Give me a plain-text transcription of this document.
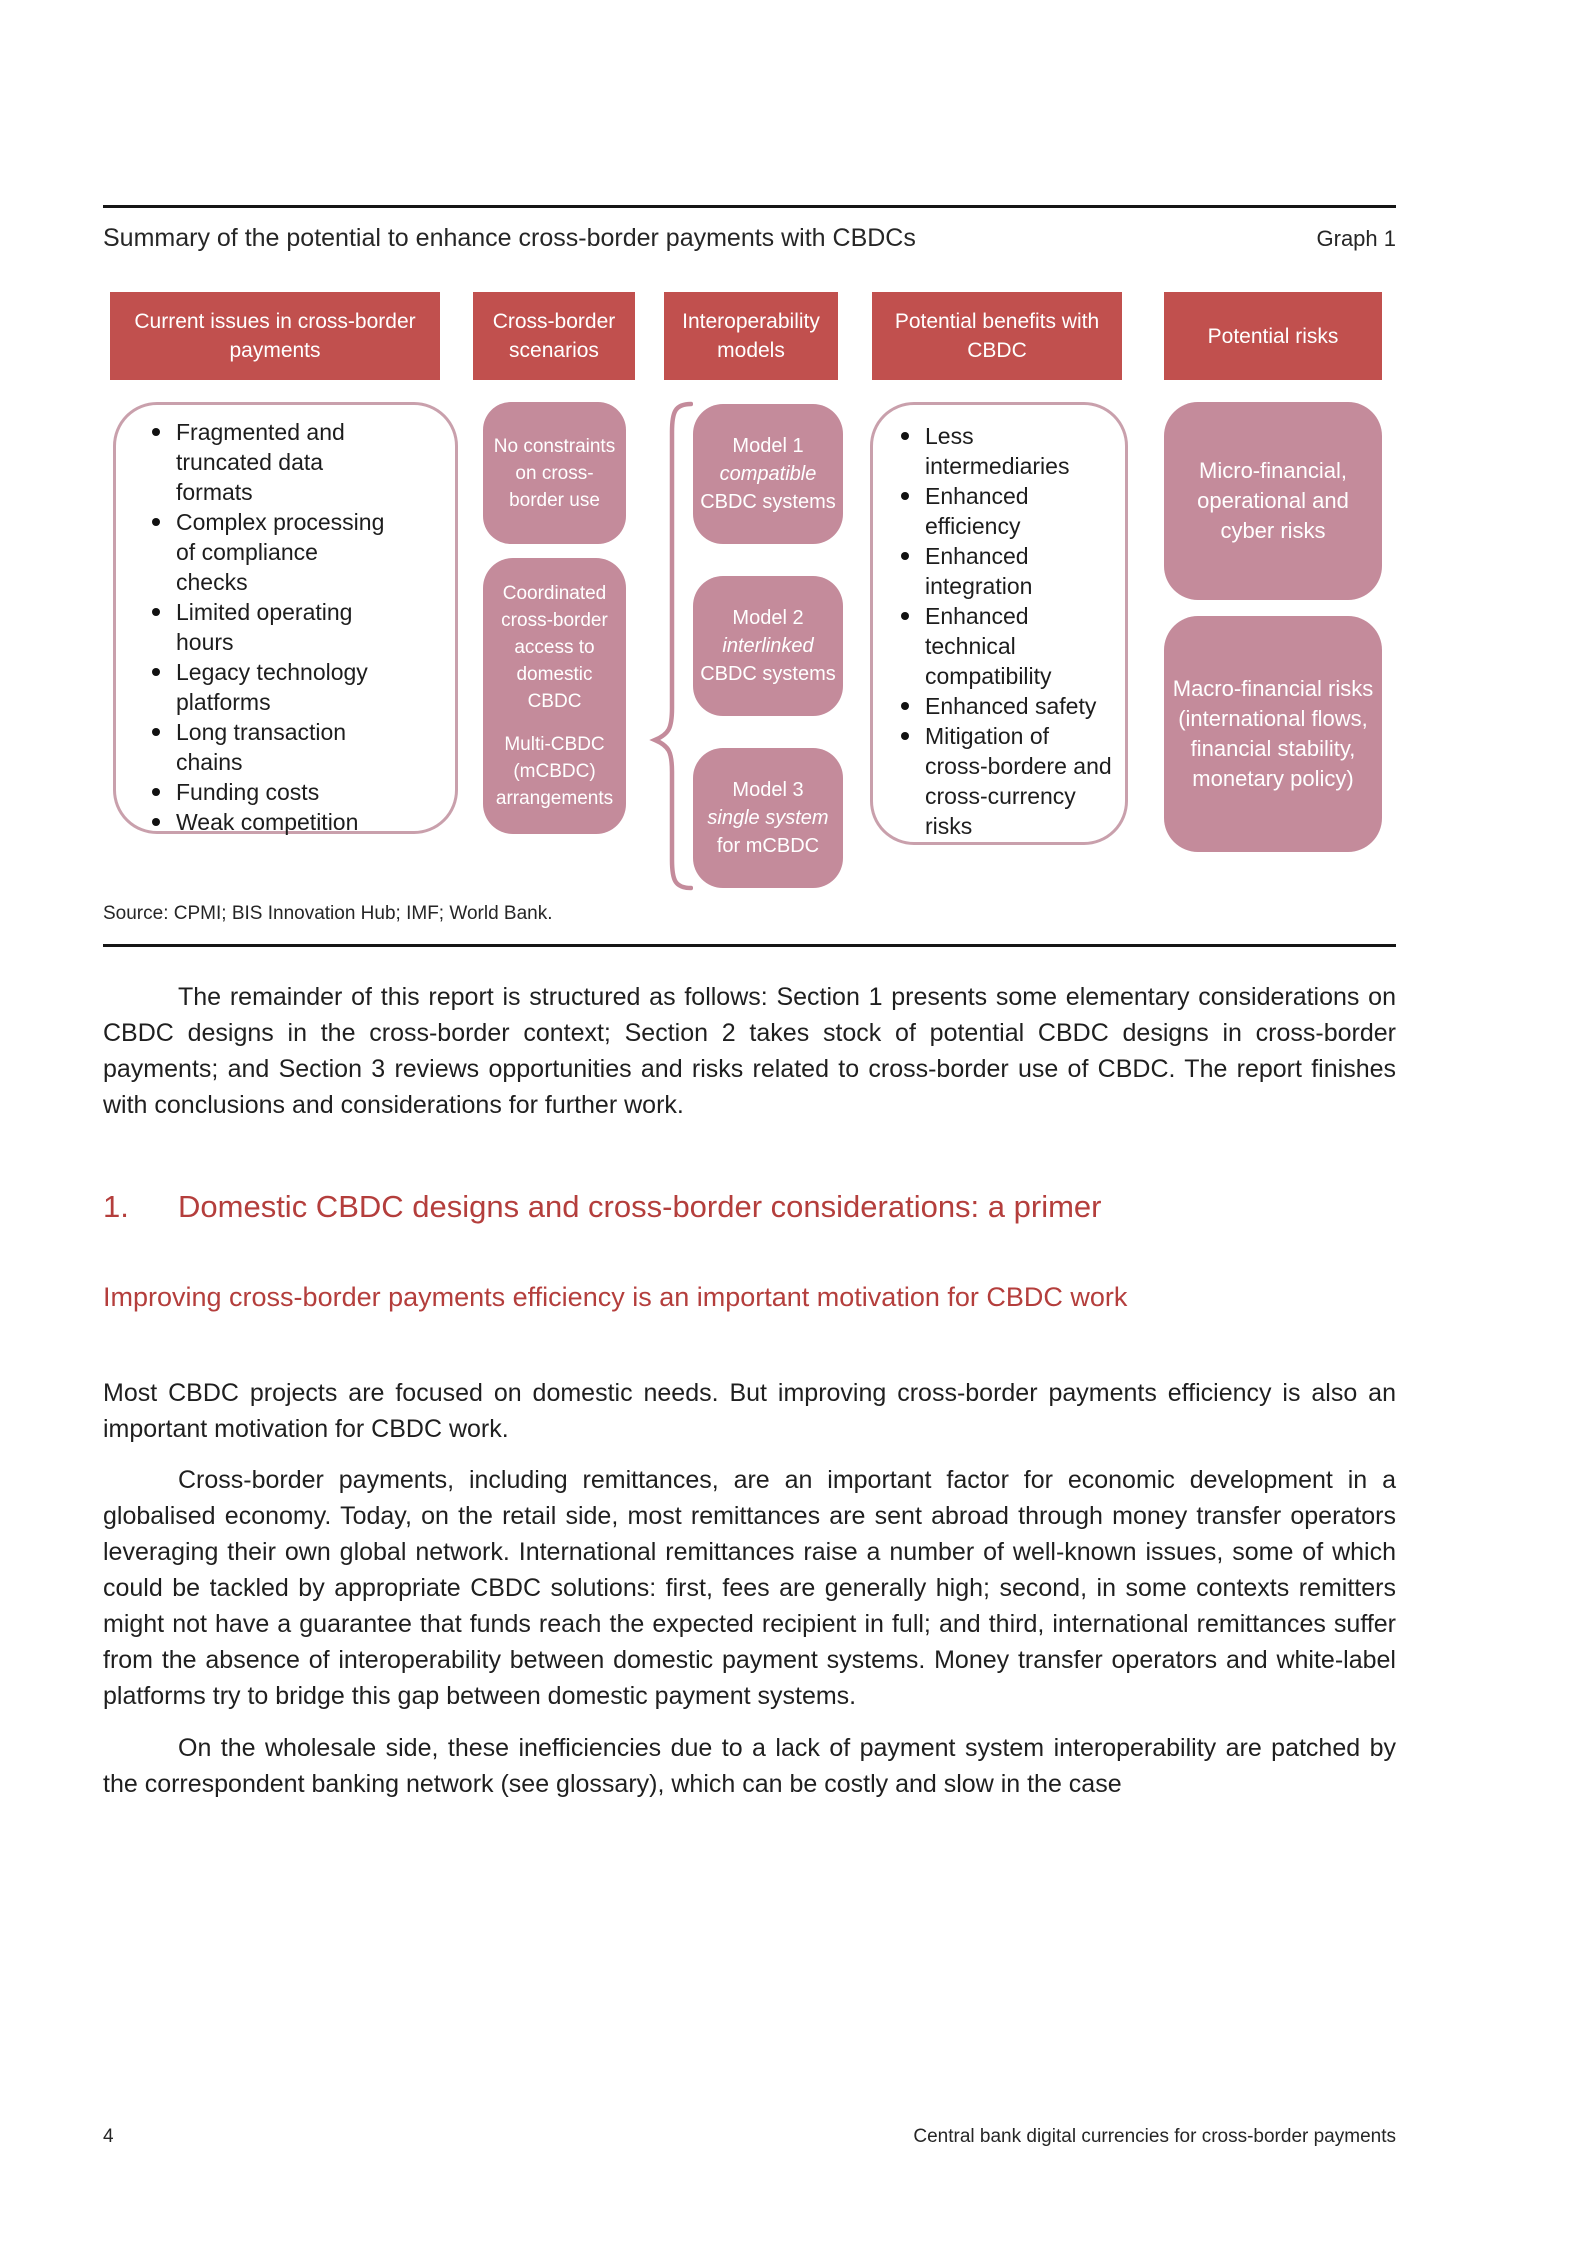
Summary of the potential to enhance cross-border payments with CBDCs	Graph 1
Current issues in cross-border payments
Cross-border scenarios
Interoperability models
Potential benefits with CBDC
Potential risks
Fragmented and truncated data formats
Complex processing of compliance checks
Limited operating hours
Legacy technology platforms
Long transaction chains
Funding costs
Weak competition
No constraints on cross-border use
Coordinated cross-border access to domestic CBDC
Multi-CBDC (mCBDC) arrangements
Model 1
compatible
CBDC systems
Model 2
interlinked
CBDC systems
Model 3
single system
for mCBDC
Less intermediaries
Enhanced efficiency
Enhanced integration
Enhanced technical compatibility
Enhanced safety
Mitigation of cross-bordere and cross-currency risks
Micro-financial, operational and cyber risks
Macro-financial risks (international flows, financial stability, monetary policy)
Source: CPMI; BIS Innovation Hub; IMF; World Bank.

The remainder of this report is structured as follows: Section 1 presents some elementary considerations on CBDC designs in the cross-border context; Section 2 takes stock of potential CBDC designs in cross-border payments; and Section 3 reviews opportunities and risks related to cross-border use of CBDC. The report finishes with conclusions and considerations for further work.

1.	Domestic CBDC designs and cross-border considerations: a primer
Improving cross-border payments efficiency is an important motivation for CBDC work

Most CBDC projects are focused on domestic needs. But improving cross-border payments efficiency is also an important motivation for CBDC work.

Cross-border payments, including remittances, are an important factor for economic development in a globalised economy. Today, on the retail side, most remittances are sent abroad through money transfer operators leveraging their own global network. International remittances raise a number of well-known issues, some of which could be tackled by appropriate CBDC solutions: first, fees are generally high; second, in some contexts remitters might not have a guarantee that funds reach the expected recipient in full; and third, international remittances suffer from the absence of interoperability between domestic payment systems. Money transfer operators and white-label platforms try to bridge this gap between domestic payment systems.

On the wholesale side, these inefficiencies due to a lack of payment system interoperability are patched by the correspondent banking network (see glossary), which can be costly and slow in the case

4	Central bank digital currencies for cross-border payments
